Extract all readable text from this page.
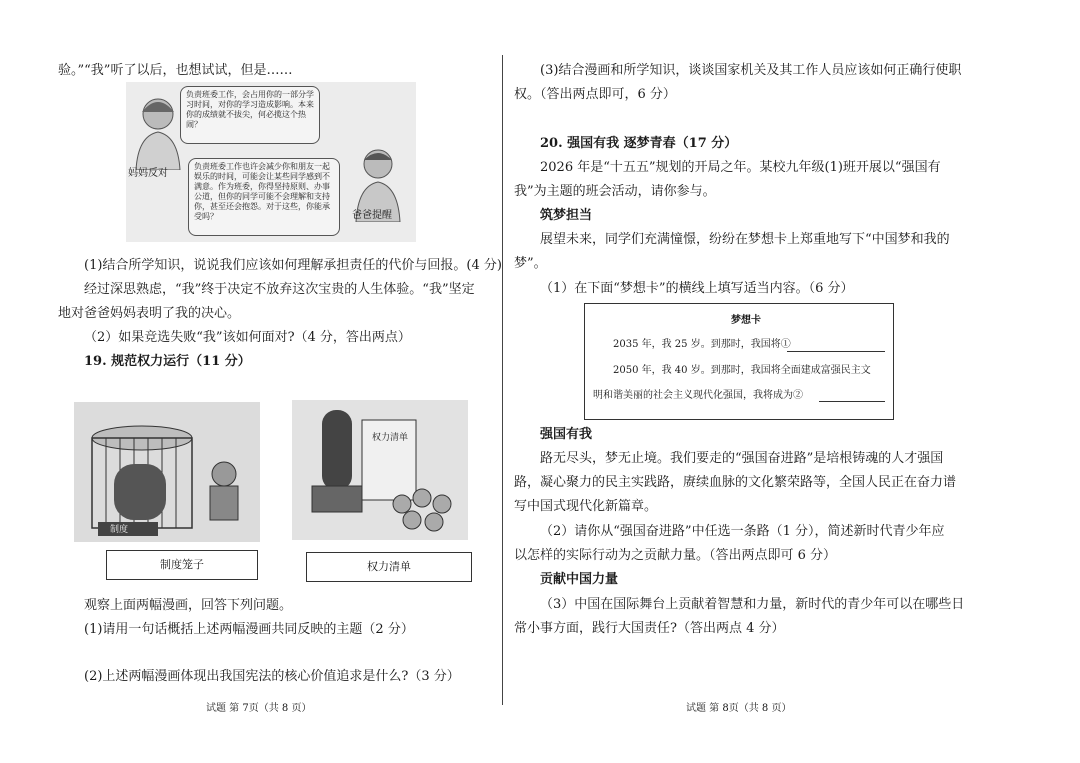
验。”“我”听了以后，也想试试，但是……
负责班委工作，会占用你的一部分学习时间，对你的学习造成影响。本来你的成绩就不拔尖，何必揽这个热闹？
妈妈反对
负责班委工作也许会减少你和朋友一起娱乐的时间，可能会让某些同学感到不满意。作为班委，你得坚持原则、办事公道，但你的同学可能不会理解和支持你，甚至还会抱怨。对于这些，你能承受吗？	爸爸提醒
(1)结合所学知识，说说我们应该如何理解承担责任的代价与回报。(4 分)
经过深思熟虑，“我”终于决定不放弃这次宝贵的人生体验。“我”坚定
地对爸爸妈妈表明了我的决心。
（2）如果竞选失败“我”该如何面对?（4 分，答出两点）
19. 规范权力运行（11 分）
制度
权力清单
制度笼子	权力清单
观察上面两幅漫画，回答下列问题。
(1)请用一句话概括上述两幅漫画共同反映的主题（2 分）
(2)上述两幅漫画体现出我国宪法的核心价值追求是什么?（3 分）
试题 第 7页（共 8 页）
(3)结合漫画和所学知识，谈谈国家机关及其工作人员应该如何正确行使职
权。（答出两点即可，6 分）
20. 强国有我 逐梦青春（17 分）
2026 年是“十五五”规划的开局之年。某校九年级(1)班开展以“强国有
我”为主题的班会活动，请你参与。
筑梦担当
展望未来，同学们充满憧憬，纷纷在梦想卡上郑重地写下“中国梦和我的
梦”。
（1）在下面“梦想卡”的横线上填写适当内容。（6 分）
梦想卡
2035 年，我 25 岁。到那时，我国将①
2050 年，我 40 岁。到那时，我国将全面建成富强民主文
明和谐美丽的社会主义现代化强国，我将成为②
强国有我
路无尽头，梦无止境。我们要走的“强国奋进路”是培根铸魂的人才强国
路，凝心聚力的民主实践路，赓续血脉的文化繁荣路等，全国人民正在奋力谱
写中国式现代化新篇章。
（2）请你从“强国奋进路”中任选一条路（1 分），简述新时代青少年应
以怎样的实际行动为之贡献力量。（答出两点即可 6 分）
贡献中国力量
（3）中国在国际舞台上贡献着智慧和力量，新时代的青少年可以在哪些日
常小事方面，践行大国责任?（答出两点 4 分）
试题 第 8页（共 8 页）
